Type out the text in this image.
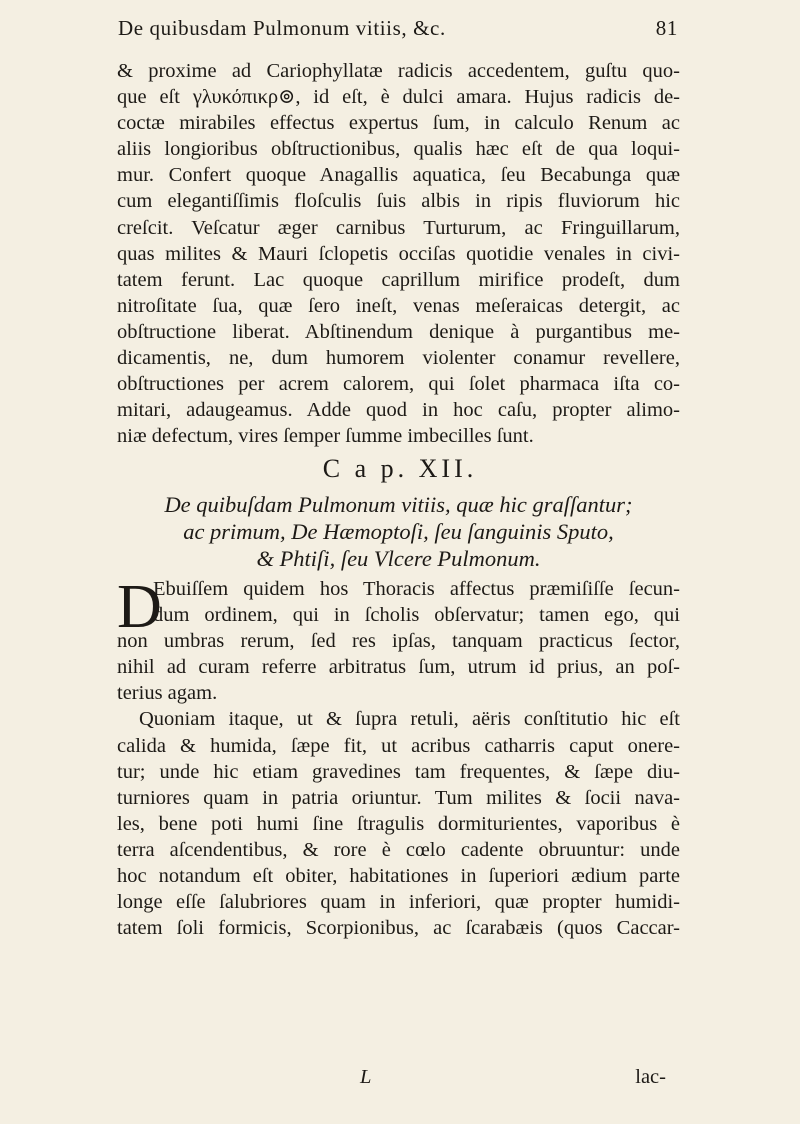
De quibusdam Pulmonum vitiis, &c.	81
& proxime ad Cariophyllatæ radicis accedentem, guſtu quo-
que eſt γλυκόπικρ⊚, id eſt, è dulci amara. Hujus radicis de-
coctæ mirabiles effectus expertus ſum, in calculo Renum ac
aliis longioribus obſtructionibus, qualis hæc eſt de qua loqui-
mur. Confert quoque Anagallis aquatica, ſeu Becabunga quæ
cum elegantiſſimis floſculis ſuis albis in ripis fluviorum hic
creſcit. Veſcatur æger carnibus Turturum, ac Fringuillarum,
quas milites & Mauri ſclopetis occiſas quotidie venales in civi-
tatem ferunt. Lac quoque caprillum mirifice prodeſt, dum
nitroſitate ſua, quæ ſero ineſt, venas meſeraicas detergit, ac
obſtructione liberat. Abſtinendum denique à purgantibus me-
dicamentis, ne, dum humorem violenter conamur revellere,
obſtructiones per acrem calorem, qui ſolet pharmaca iſta co-
mitari, adaugeamus. Adde quod in hoc caſu, propter alimo-
niæ defectum, vires ſemper ſumme imbecilles ſunt.
C a p. XII.
De quibuſdam Pulmonum vitiis, quæ hic graſſantur;
ac primum, De Hæmoptoſi, ſeu ſanguinis Sputo,
& Phtiſi, ſeu Vlcere Pulmonum.
D
Ebuiſſem quidem hos Thoracis affectus præmiſiſſe ſecun-
dum ordinem, qui in ſcholis obſervatur; tamen ego, qui
non umbras rerum, ſed res ipſas, tanquam practicus ſector,
nihil ad curam referre arbitratus ſum, utrum id prius, an poſ-
terius agam.
Quoniam itaque, ut & ſupra retuli, aëris conſtitutio hic eſt
calida & humida, ſæpe fit, ut acribus catharris caput onere-
tur; unde hic etiam gravedines tam frequentes, & ſæpe diu-
turniores quam in patria oriuntur. Tum milites & ſocii nava-
les, bene poti humi ſine ſtragulis dormiturientes, vaporibus è
terra aſcendentibus, & rore è cœlo cadente obruuntur: unde
hoc notandum eſt obiter, habitationes in ſuperiori ædium parte
longe eſſe ſalubriores quam in inferiori, quæ propter humidi-
tatem ſoli formicis, Scorpionibus, ac ſcarabæis (quos Caccar-
L	lac-
